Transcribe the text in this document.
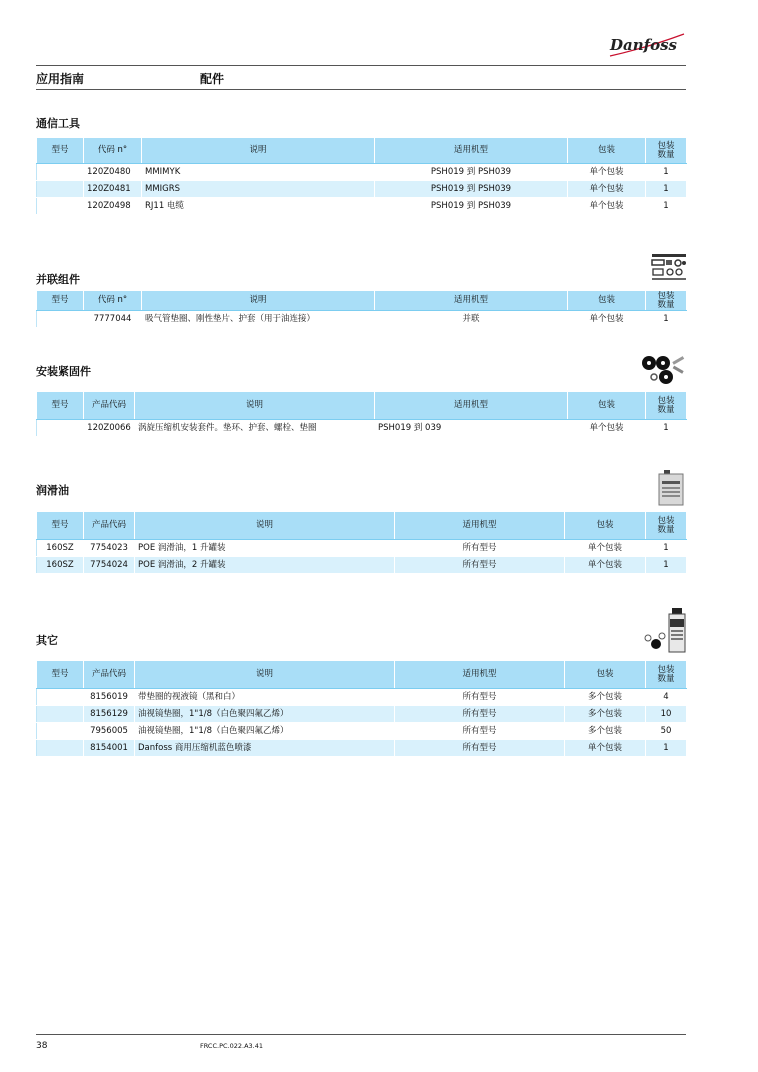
Danfoss
应用指南	配件
通信工具
型号	代码 n°	说明	适用机型	包装	包装
数量
	120Z0480	MMIMYK	PSH019 到 PSH039	单个包装	1
	120Z0481	MMIGRS	PSH019 到 PSH039	单个包装	1
	120Z0498	RJ11 电缆	PSH019 到 PSH039	单个包装	1
并联组件
型号	代码 n°	说明	适用机型	包装	包装
数量
	7777044	吸气管垫圈、刚性垫片、护套（用于油连接）	并联	单个包装	1
安装紧固件
型号	产品代码	说明	适用机型	包装	包装
数量
	120Z0066	涡旋压缩机安装套件。垫环、护套、螺栓、垫圈	PSH019 到 039	单个包装	1
润滑油
型号	产品代码	说明	适用机型	包装	包装
数量
160SZ	7754023	POE 润滑油，1 升罐装	所有型号	单个包装	1
160SZ	7754024	POE 润滑油，2 升罐装	所有型号	单个包装	1
其它
型号	产品代码	说明	适用机型	包装	包装
数量
	8156019	带垫圈的视液镜（黑和白）	所有型号	多个包装	4
	8156129	油视镜垫圈，1"1/8（白色聚四氟乙烯）	所有型号	多个包装	10
	7956005	油视镜垫圈，1"1/8（白色聚四氟乙烯）	所有型号	多个包装	50
	8154001	Danfoss 商用压缩机蓝色喷漆	所有型号	单个包装	1
38	FRCC.PC.022.A3.41
